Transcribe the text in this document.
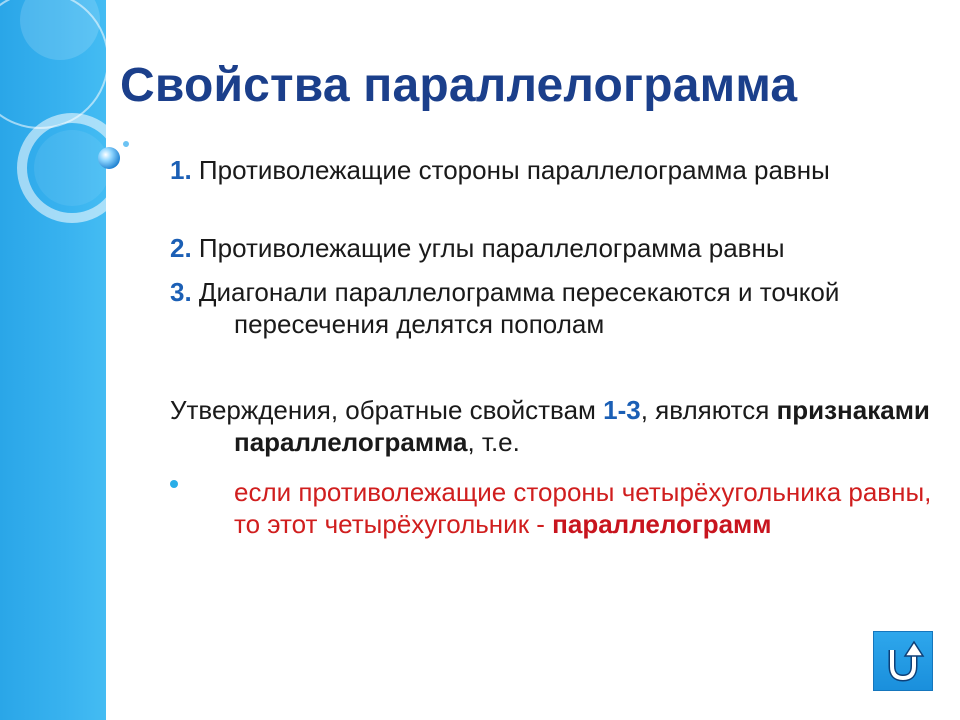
Свойства параллелограмма
1. Противолежащие стороны параллелограмма равны
2. Противолежащие углы параллелограмма равны
3. Диагонали параллелограмма пересекаются и точкой пересечения делятся пополам
Утверждения, обратные свойствам 1-3, являются признаками параллелограмма, т.е.
если противолежащие стороны четырёхугольника равны, то этот четырёхугольник - параллелограмм
